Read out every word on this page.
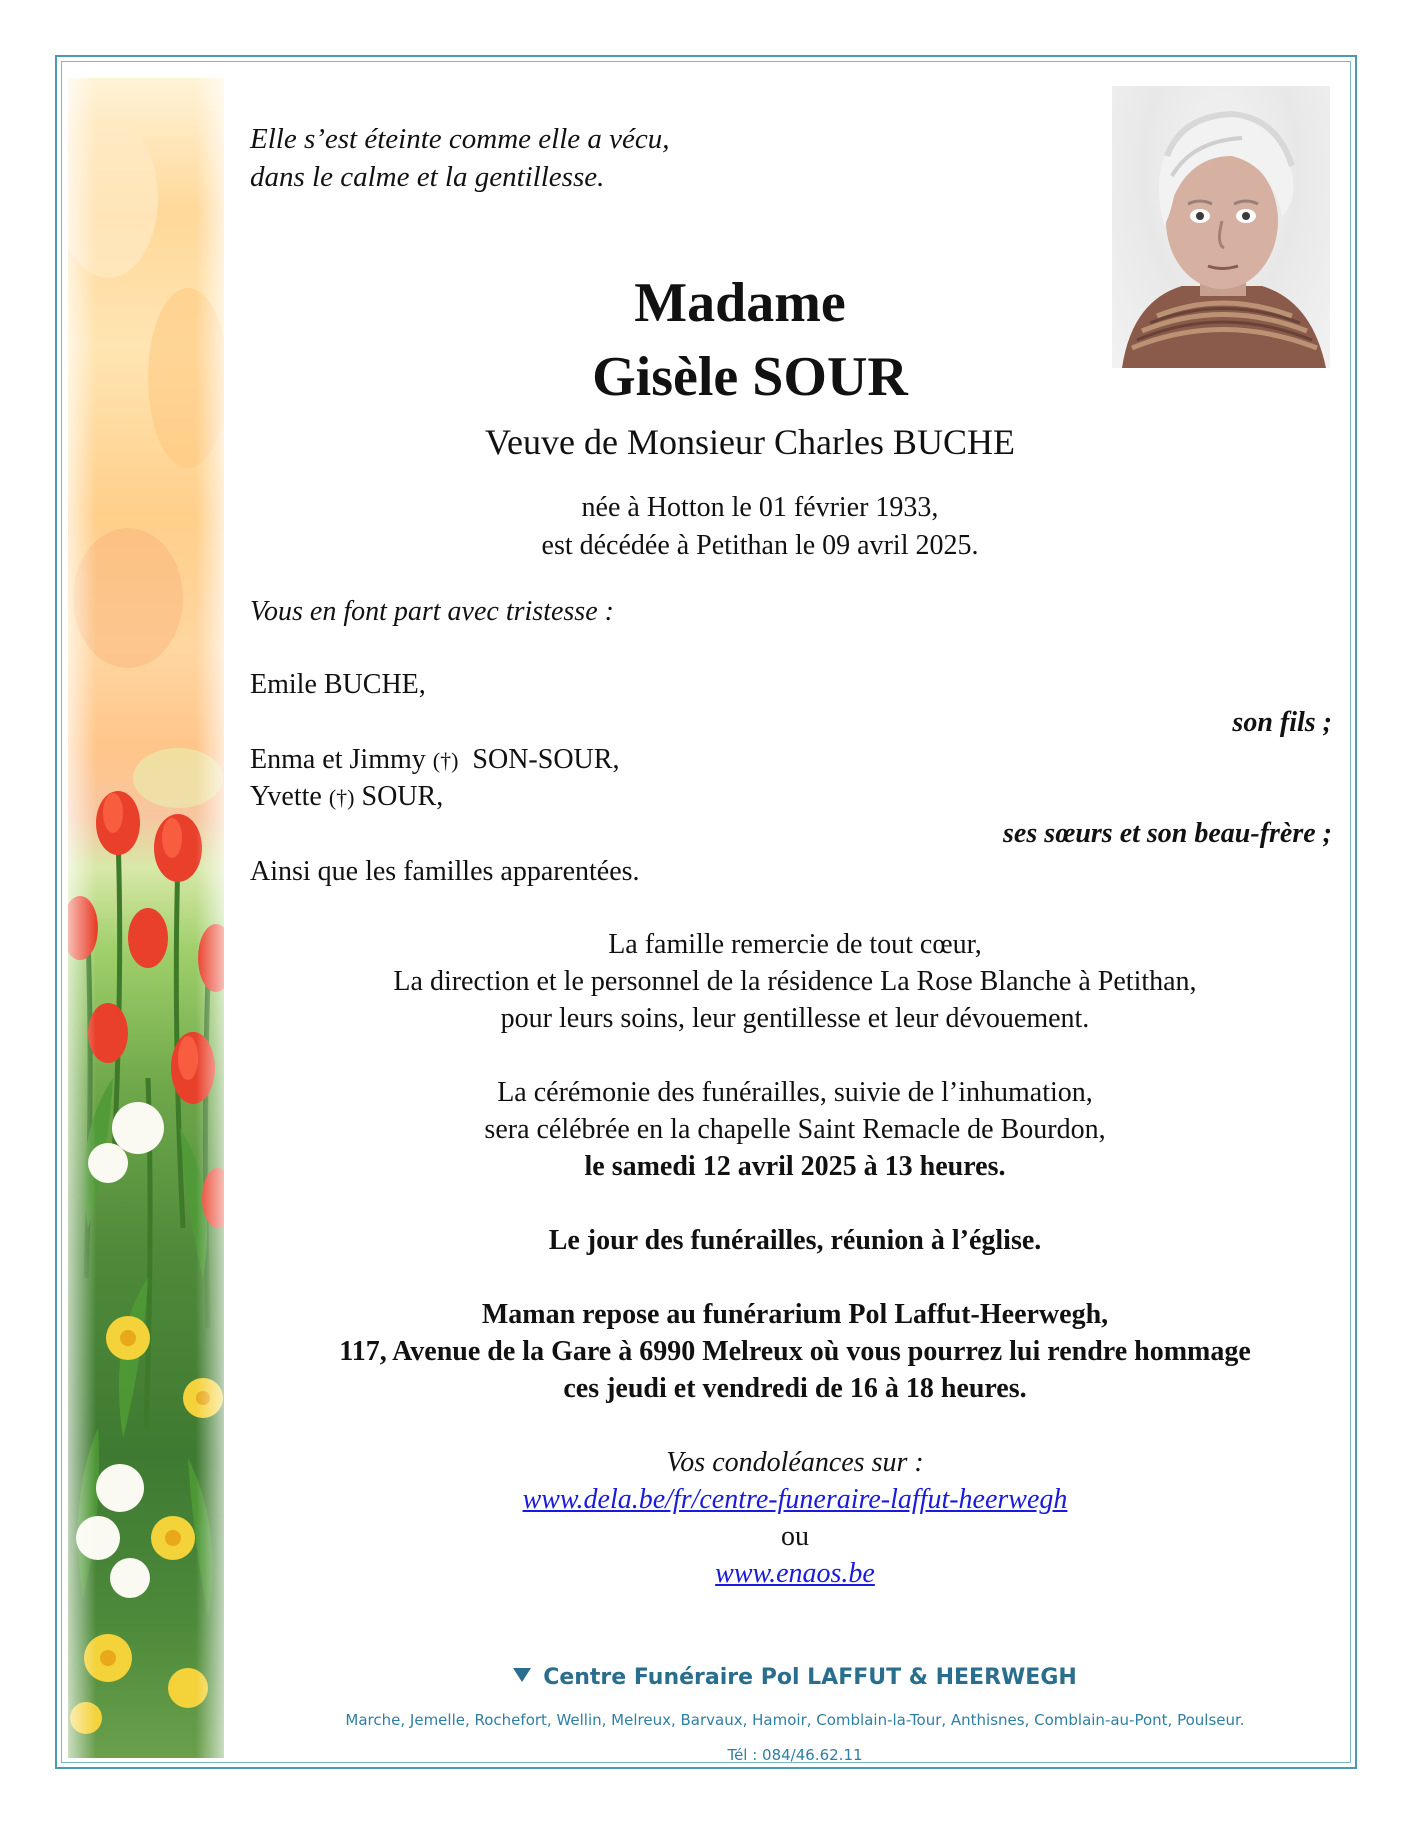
Elle s’est éteinte comme elle a vécu,

dans le calme et la gentillesse.

Madame

Gisèle SOUR

Veuve de Monsieur Charles BUCHE

née à Hotton le 01 février 1933,

est décédée à Petithan le 09 avril 2025.

Vous en font part avec tristesse :

Emile BUCHE,

son fils ;

Enma et Jimmy (†) SON-SOUR,

Yvette (†) SOUR,

ses sœurs et son beau-frère ;

Ainsi que les familles apparentées.

La famille remercie de tout cœur,

La direction et le personnel de la résidence La Rose Blanche à Petithan,

pour leurs soins, leur gentillesse et leur dévouement.

La cérémonie des funérailles, suivie de l’inhumation,

sera célébrée en la chapelle Saint Remacle de Bourdon,

le samedi 12 avril 2025 à 13 heures.

Le jour des funérailles, réunion à l’église.

Maman repose au funérarium Pol Laffut-Heerwegh,

117, Avenue de la Gare à 6990 Melreux où vous pourrez lui rendre hommage

ces jeudi et vendredi de 16 à 18 heures.

Vos condoléances sur :

www.dela.be/fr/centre-funeraire-laffut-heerwegh

ou

www.enaos.be

Centre Funéraire Pol LAFFUT & HEERWEGH
Marche, Jemelle, Rochefort, Wellin, Melreux, Barvaux, Hamoir, Comblain-la-Tour, Anthisnes, Comblain-au-Pont, Poulseur.
Tél : 084/46.62.11
